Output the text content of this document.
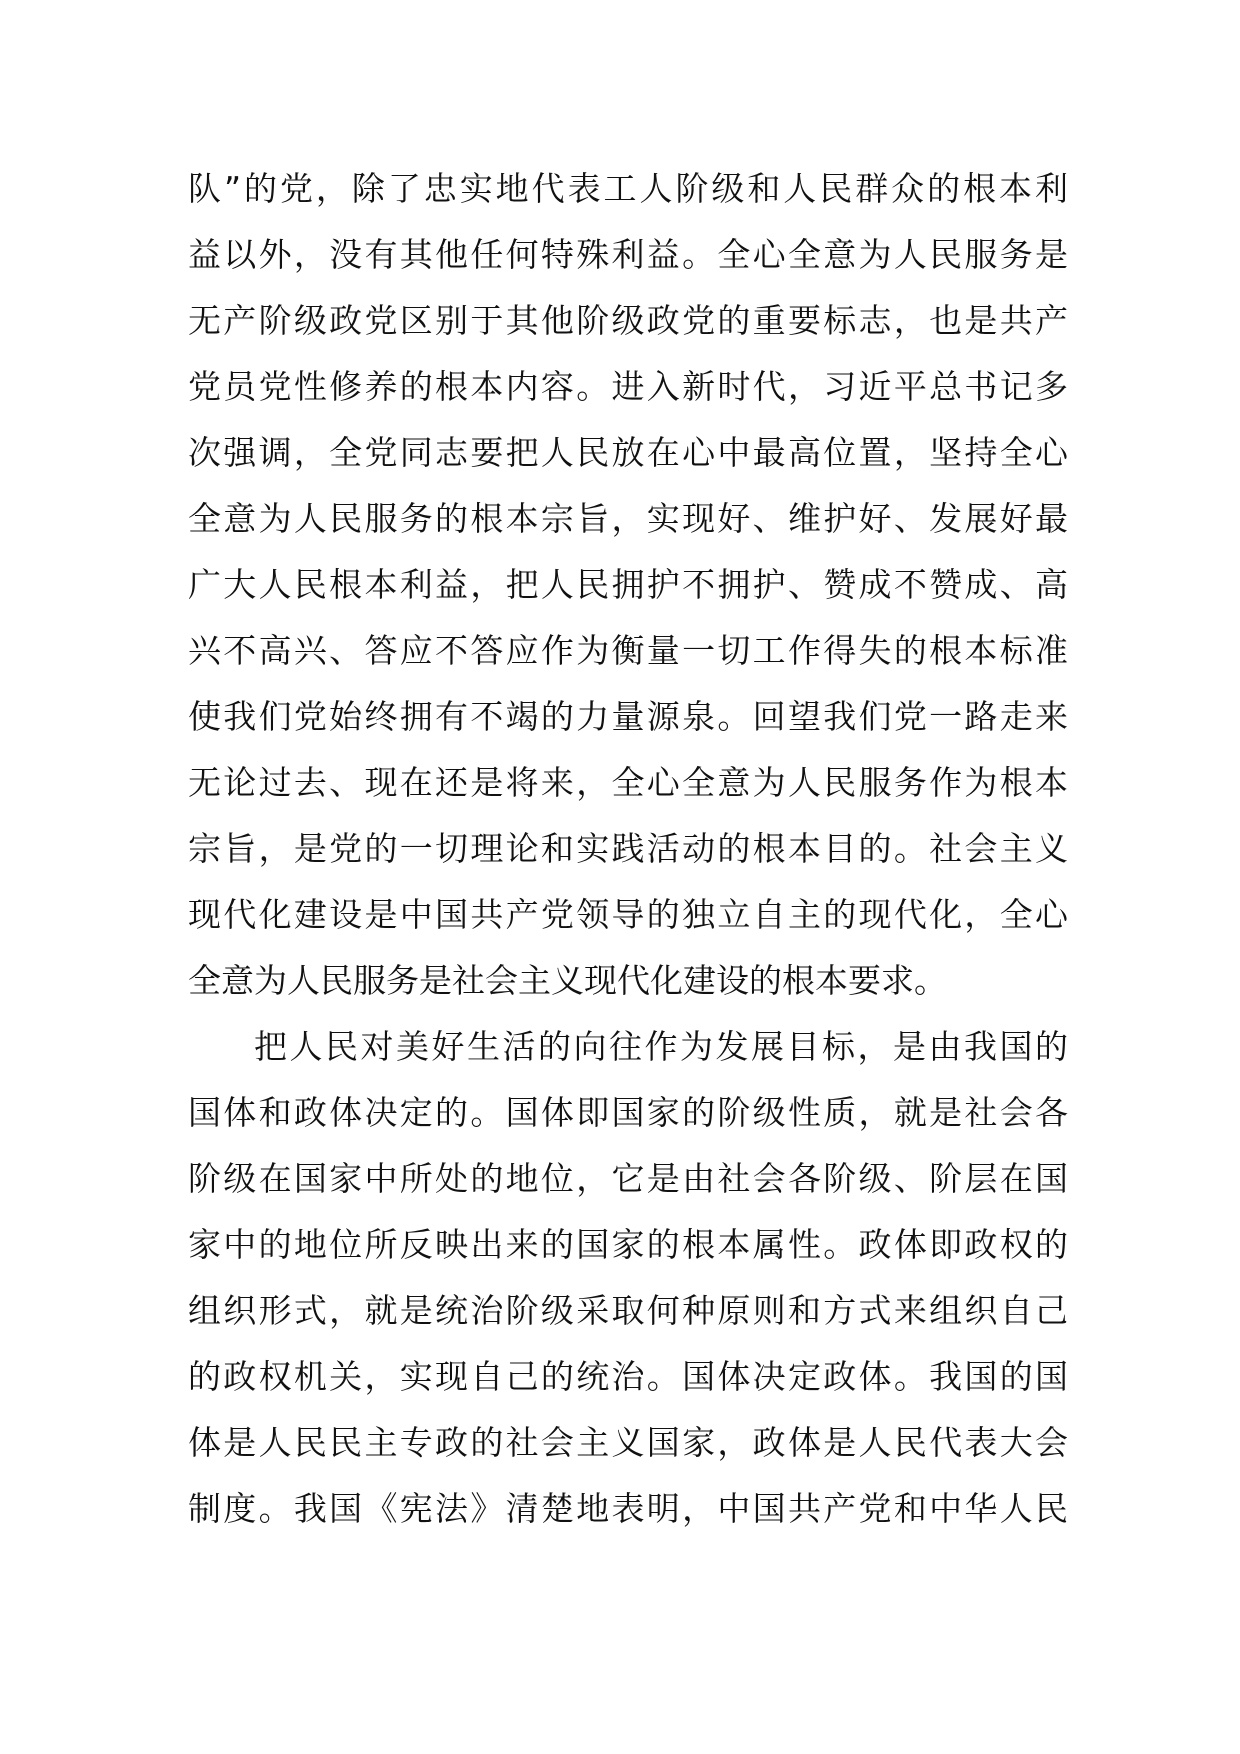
队”的党，除了忠实地代表工人阶级和人民群众的根本利
益以外，没有其他任何特殊利益。全心全意为人民服务是
无产阶级政党区别于其他阶级政党的重要标志，也是共产
党员党性修养的根本内容。进入新时代，习近平总书记多
次强调，全党同志要把人民放在心中最高位置，坚持全心
全意为人民服务的根本宗旨，实现好、维护好、发展好最
广大人民根本利益，把人民拥护不拥护、赞成不赞成、高
兴不高兴、答应不答应作为衡量一切工作得失的根本标准
使我们党始终拥有不竭的力量源泉。回望我们党一路走来
无论过去、现在还是将来，全心全意为人民服务作为根本
宗旨，是党的一切理论和实践活动的根本目的。社会主义
现代化建设是中国共产党领导的独立自主的现代化，全心
全意为人民服务是社会主义现代化建设的根本要求。
把人民对美好生活的向往作为发展目标，是由我国的
国体和政体决定的。国体即国家的阶级性质，就是社会各
阶级在国家中所处的地位，它是由社会各阶级、阶层在国
家中的地位所反映出来的国家的根本属性。政体即政权的
组织形式，就是统治阶级采取何种原则和方式来组织自己
的政权机关，实现自己的统治。国体决定政体。我国的国
体是人民民主专政的社会主义国家，政体是人民代表大会
制度。我国《宪法》清楚地表明，中国共产党和中华人民
